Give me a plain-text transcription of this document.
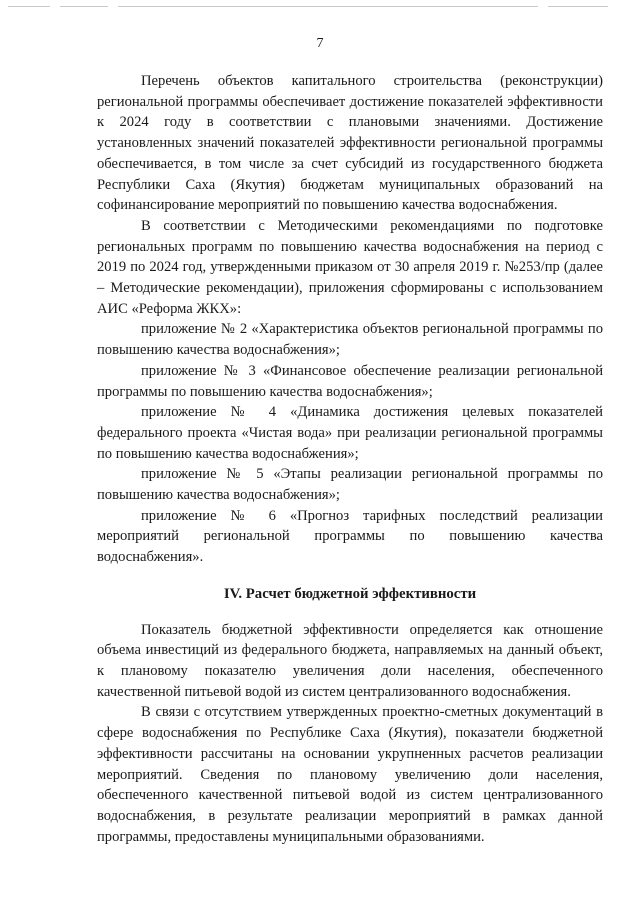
7

Перечень объектов капитального строительства (реконструкции) региональной программы обеспечивает достижение показателей эффективности к 2024 году в соответствии с плановыми значениями. Достижение установленных значений показателей эффективности региональной программы обеспечивается, в том числе за счет субсидий из государственного бюджета Республики Саха (Якутия) бюджетам муниципальных образований на софинансирование мероприятий по повышению качества водоснабжения.

В соответствии с Методическими рекомендациями по подготовке региональных программ по повышению качества водоснабжения на период с 2019 по 2024 год, утвержденными приказом от 30 апреля 2019 г. №253/пр (далее – Методические рекомендации), приложения сформированы с использованием АИС «Реформа ЖКХ»:

приложение № 2 «Характеристика объектов региональной программы по повышению качества водоснабжения»;

приложение № 3 «Финансовое обеспечение реализации региональной программы по повышению качества водоснабжения»;

приложение № 4 «Динамика достижения целевых показателей федерального проекта «Чистая вода» при реализации региональной программы по повышению качества водоснабжения»;

приложение № 5 «Этапы реализации региональной программы по повышению качества водоснабжения»;

приложение № 6 «Прогноз тарифных последствий реализации мероприятий региональной программы по повышению качества водоснабжения».

IV. Расчет бюджетной эффективности

Показатель бюджетной эффективности определяется как отношение объема инвестиций из федерального бюджета, направляемых на данный объект, к плановому показателю увеличения доли населения, обеспеченного качественной питьевой водой из систем централизованного водоснабжения.

В связи с отсутствием утвержденных проектно-сметных документаций в сфере водоснабжения по Республике Саха (Якутия), показатели бюджетной эффективности рассчитаны на основании укрупненных расчетов реализации мероприятий. Сведения по плановому увеличению доли населения, обеспеченного качественной питьевой водой из систем централизованного водоснабжения, в результате реализации мероприятий в рамках данной программы, предоставлены муниципальными образованиями.
